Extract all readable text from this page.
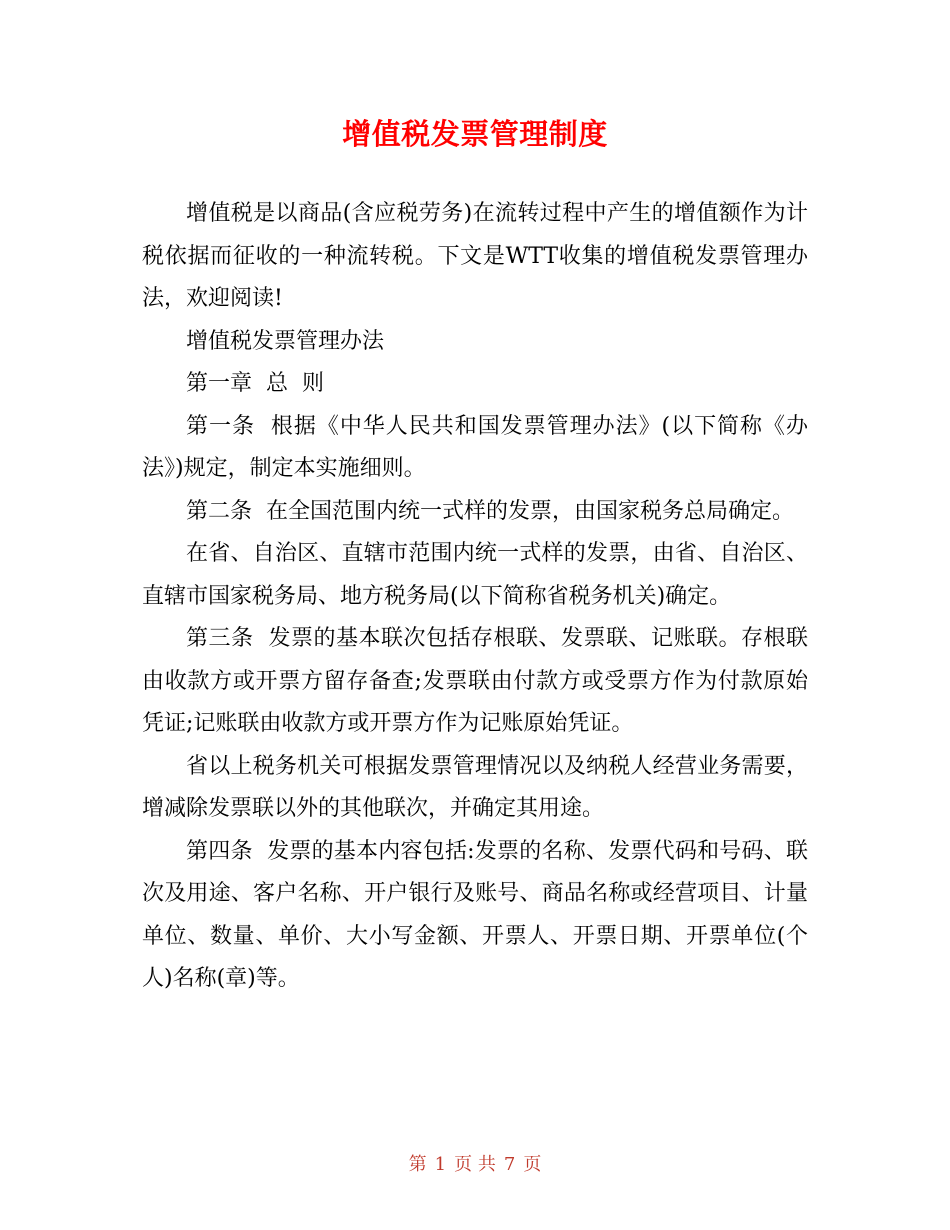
增值税发票管理制度

增值税是以商品(含应税劳务)在流转过程中产生的增值额作为计税依据而征收的一种流转税。下文是WTT收集的增值税发票管理办法，欢迎阅读!

增值税发票管理办法

第一章  总  则

第一条  根据《中华人民共和国发票管理办法》(以下简称《办法》)规定，制定本实施细则。

第二条  在全国范围内统一式样的发票，由国家税务总局确定。

在省、自治区、直辖市范围内统一式样的发票，由省、自治区、直辖市国家税务局、地方税务局(以下简称省税务机关)确定。

第三条  发票的基本联次包括存根联、发票联、记账联。存根联由收款方或开票方留存备查;发票联由付款方或受票方作为付款原始凭证;记账联由收款方或开票方作为记账原始凭证。

省以上税务机关可根据发票管理情况以及纳税人经营业务需要，增减除发票联以外的其他联次，并确定其用途。

第四条  发票的基本内容包括:发票的名称、发票代码和号码、联次及用途、客户名称、开户银行及账号、商品名称或经营项目、计量单位、数量、单价、大小写金额、开票人、开票日期、开票单位(个人)名称(章)等。

第 1 页 共 7 页
